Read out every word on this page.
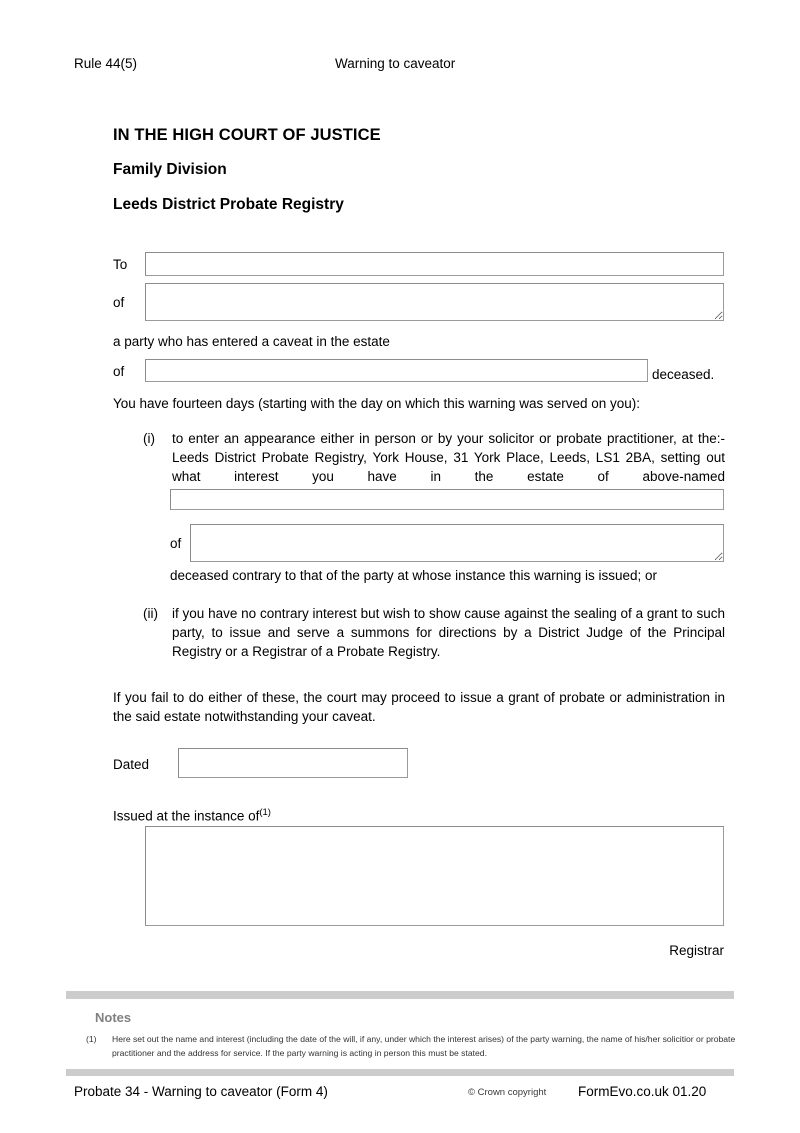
Rule 44(5)	Warning to caveator
IN THE HIGH COURT OF JUSTICE
Family Division
Leeds District Probate Registry
To
of
a party who has entered a caveat in the estate
of	deceased.
You have fourteen days (starting with the day on which this warning was served on you):
(i)	to enter an appearance either in person or by your solicitor or probate practitioner, at the:- Leeds District Probate Registry, York House, 31 York Place, Leeds, LS1 2BA, setting out what interest you have in the estate of above-named
of
deceased contrary to that of the party at whose instance this warning is issued; or
(ii)	if you have no contrary interest but wish to show cause against the sealing of a grant to such party, to issue and serve a summons for directions by a District Judge of the Principal Registry or a Registrar of a Probate Registry.
If you fail to do either of these, the court may proceed to issue a grant of probate or administration in the said estate notwithstanding your caveat.
Dated
Issued at the instance $of^{(1)}$
Registrar
Notes
(1)	Here set out the name and interest (including the date of the will, if any, under which the interest arises) of the party warning, the name of his/her solicitior or probate practitioner and the address for service. If the party warning is acting in person this must be stated.
Probate 34 - Warning to caveator (Form 4)	© Crown copyright FormEvo.co.uk 01.20
